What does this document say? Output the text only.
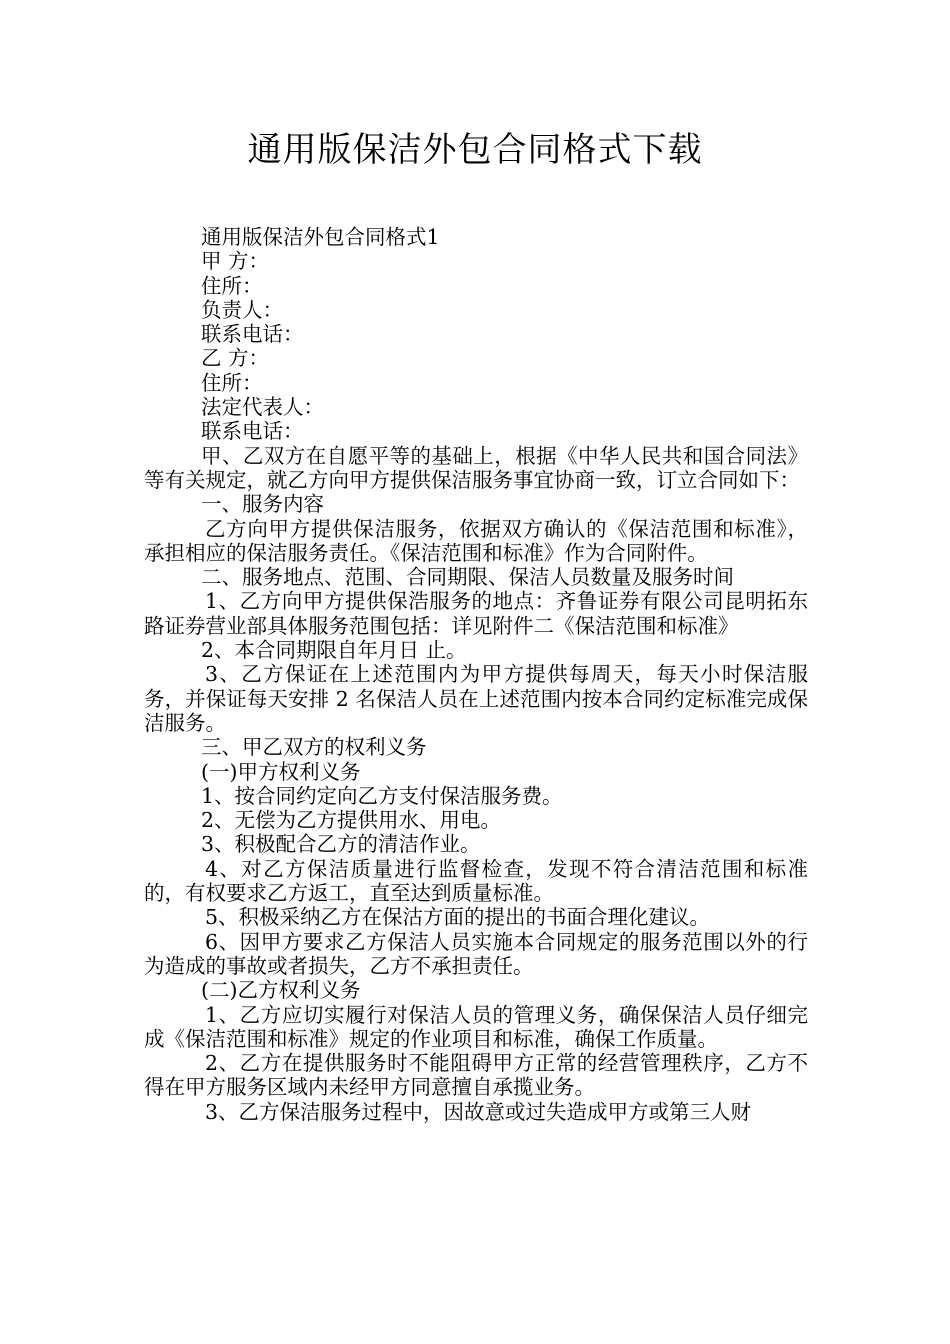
通用版保洁外包合同格式下载

通用版保洁外包合同格式1

甲 方：

住所：

负责人：

联系电话：

乙 方：

住所：

法定代表人：

联系电话：

甲、乙双方在自愿平等的基础上，根据《中华人民共和国合同法》等有关规定，就乙方向甲方提供保洁服务事宜协商一致，订立合同如下：

一、服务内容

乙方向甲方提供保洁服务，依据双方确认的《保洁范围和标准》，承担相应的保洁服务责任。《保洁范围和标准》作为合同附件。

二、服务地点、范围、合同期限、保洁人员数量及服务时间

1、乙方向甲方提供保浩服务的地点：齐鲁证券有限公司昆明拓东路证券营业部具体服务范围包括：详见附件二《保洁范围和标准》

2、本合同期限自年月日 止。

3、乙方保证在上述范围内为甲方提供每周天，每天小时保洁服务，并保证每天安排 2 名保洁人员在上述范围内按本合同约定标准完成保洁服务。

三、甲乙双方的权利义务

(一)甲方权利义务

1、按合同约定向乙方支付保洁服务费。

2、无偿为乙方提供用水、用电。

3、积极配合乙方的清洁作业。

4、对乙方保洁质量进行监督检查，发现不符合清洁范围和标准的，有权要求乙方返工，直至达到质量标准。

5、积极采纳乙方在保沽方面的提出的书面合理化建议。

6、因甲方要求乙方保洁人员实施本合同规定的服务范围以外的行为造成的事故或者损失，乙方不承担责任。

(二)乙方权利义务

1、乙方应切实履行对保洁人员的管理义务，确保保洁人员仔细完成《保洁范围和标准》规定的作业项目和标准，确保工作质量。

2、乙方在提供服务时不能阻碍甲方正常的经营管理秩序，乙方不得在甲方服务区域内未经甲方同意擅自承揽业务。

3、乙方保洁服务过程中，因故意或过失造成甲方或第三人财
